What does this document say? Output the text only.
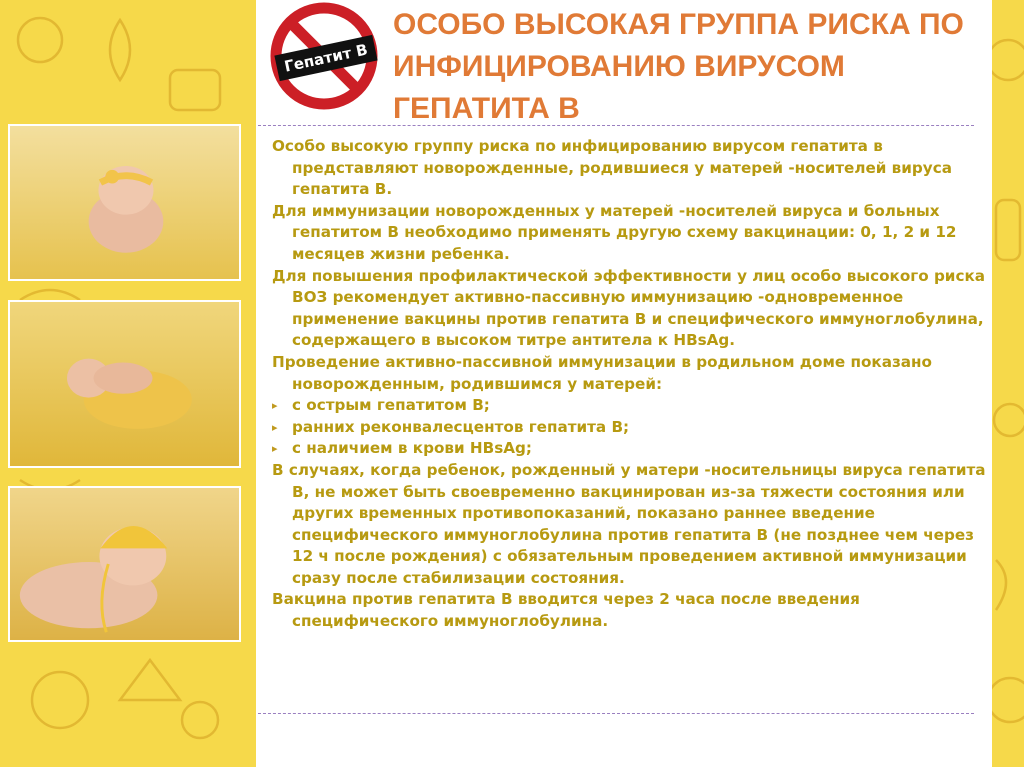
Гепатит В
ОСОБО ВЫСОКАЯ ГРУППА РИСКА ПО ИНФИЦИРОВАНИЮ ВИРУСОМ ГЕПАТИТА В

Особо высокую группу риска по инфицированию вирусом гепатита в представляют новорожденные, родившиеся у матерей -носителей вируса гепатита В.

Для иммунизации новорожденных у матерей -носителей вируса и больных гепатитом В необходимо применять другую схему вакцинации: 0, 1, 2 и 12 месяцев жизни ребенка.

Для повышения профилактической эффективности у лиц особо высокого риска ВОЗ рекомендует активно-пассивную иммунизацию -одновременное применение вакцины против гепатита В и специфического иммуноглобулина, содержащего в высоком титре антитела к HBsAg.

Проведение активно-пассивной иммунизации в родильном доме показано новорожденным, родившимся у матерей:

▸ с острым гепатитом В;
▸ ранних реконвалесцентов гепатита В;
▸ с наличием в крови HBsAg;

В случаях, когда ребенок, рожденный у матери -носительницы вируса гепатита В, не может быть своевременно вакцинирован из-за тяжести состояния или других временных противопоказаний, показано раннее введение специфического иммуноглобулина против гепатита В (не позднее чем через 12 ч после рождения) с обязательным проведением активной иммунизации сразу после стабилизации состояния.

Вакцина против гепатита В вводится через 2 часа после введения специфического иммуноглобулина.
